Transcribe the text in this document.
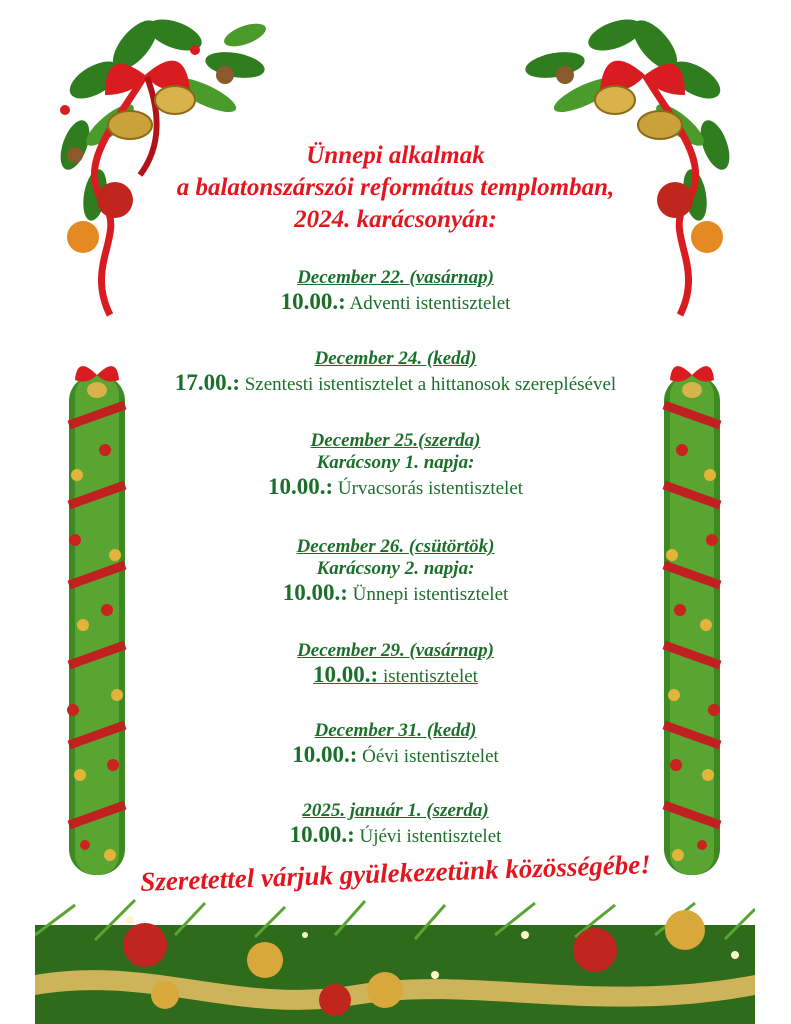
Ünnepi alkalmak
a balatonszárszói református templomban,
2024. karácsonyán:
December 22. (vasárnap)
10.00.: Adventi istentisztelet
December 24. (kedd)
17.00.: Szentesti istentisztelet a hittanosok szereplésével
December 25.(szerda)
Karácsony 1. napja:
10.00.: Úrvacsorás istentisztelet
December 26. (csütörtök)
Karácsony 2. napja:
10.00.: Ünnepi istentisztelet
December 29. (vasárnap)
10.00.: istentisztelet
December 31. (kedd)
10.00.: Óévi istentisztelet
2025. január 1. (szerda)
10.00.: Újévi istentisztelet
Szeretettel várjuk gyülekezetünk közösségébe!
